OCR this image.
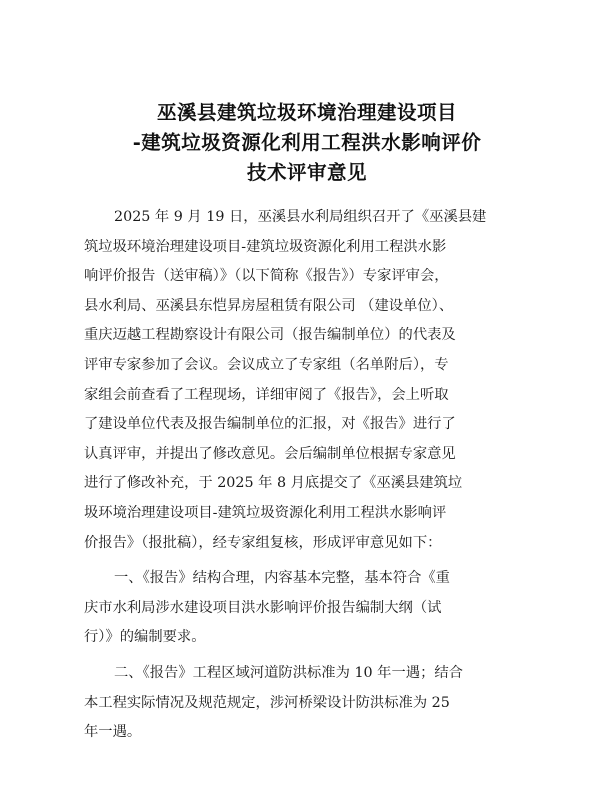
巫溪县建筑垃圾环境治理建设项目
-建筑垃圾资源化利用工程洪水影响评价
技术评审意见
2025 年 9 月 19 日，巫溪县水利局组织召开了《巫溪县建
筑垃圾环境治理建设项目-建筑垃圾资源化利用工程洪水影
响评价报告（送审稿）》（以下简称《报告》）专家评审会，
县水利局、巫溪县东恺昇房屋租赁有限公司 （建设单位）、
重庆迈越工程勘察设计有限公司（报告编制单位）的代表及
评审专家参加了会议。会议成立了专家组（名单附后），专
家组会前查看了工程现场，详细审阅了《报告》，会上听取
了建设单位代表及报告编制单位的汇报，对《报告》进行了
认真评审，并提出了修改意见。会后编制单位根据专家意见
进行了修改补充，于 2025 年 8 月底提交了《巫溪县建筑垃
圾环境治理建设项目-建筑垃圾资源化利用工程洪水影响评
价报告》（报批稿），经专家组复核，形成评审意见如下：
一、《报告》结构合理，内容基本完整，基本符合《重
庆市水利局涉水建设项目洪水影响评价报告编制大纲（试
行）》的编制要求。
二、《报告》工程区域河道防洪标准为 10 年一遇；结合
本工程实际情况及规范规定，涉河桥梁设计防洪标准为 25
年一遇。
